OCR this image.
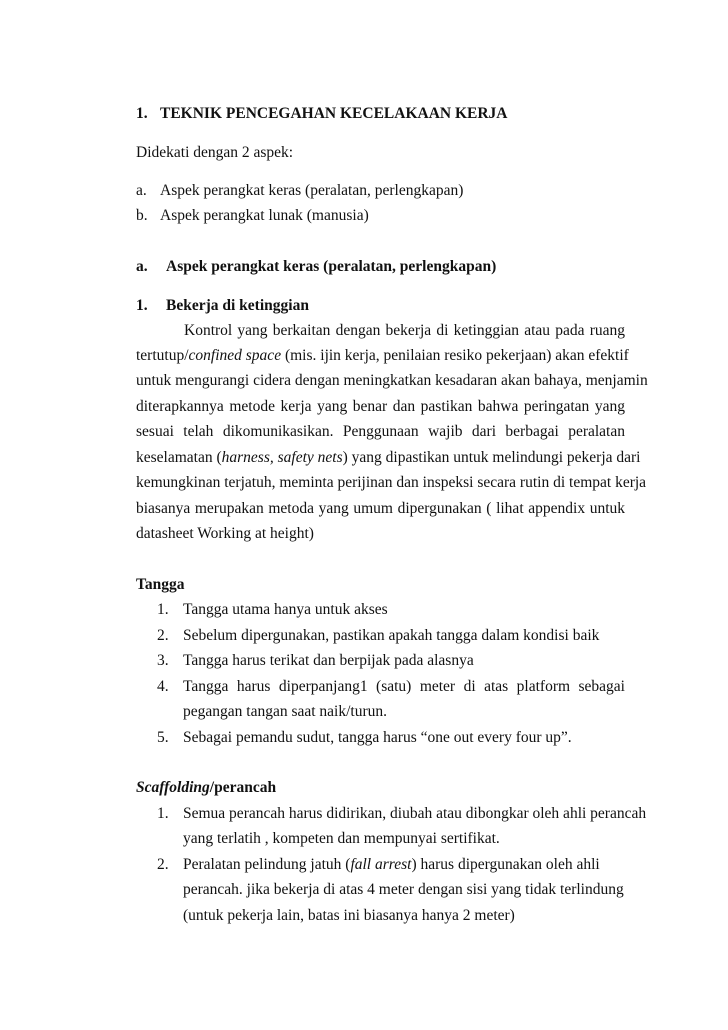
1. TEKNIK PENCEGAHAN KECELAKAAN KERJA
Didekati dengan 2 aspek:
a. Aspek perangkat keras (peralatan, perlengkapan)
b. Aspek perangkat lunak (manusia)
a. Aspek perangkat keras (peralatan, perlengkapan)
1. Bekerja di ketinggian
Kontrol yang berkaitan dengan bekerja di ketinggian atau pada ruang
tertutup/confined space (mis. ijin kerja, penilaian resiko pekerjaan) akan efektif
untuk mengurangi cidera dengan meningkatkan kesadaran akan bahaya, menjamin
diterapkannya metode kerja yang benar dan pastikan bahwa peringatan yang
sesuai telah dikomunikasikan. Penggunaan wajib dari berbagai peralatan
keselamatan (harness, safety nets) yang dipastikan untuk melindungi pekerja dari
kemungkinan terjatuh, meminta perijinan dan inspeksi secara rutin di tempat kerja
biasanya merupakan metoda yang umum dipergunakan ( lihat appendix untuk
datasheet Working at height)
Tangga
1. Tangga utama hanya untuk akses
2. Sebelum dipergunakan, pastikan apakah tangga dalam kondisi baik
3. Tangga harus terikat dan berpijak pada alasnya
4. Tangga harus diperpanjang1 (satu) meter di atas platform sebagai
pegangan tangan saat naik/turun.
5. Sebagai pemandu sudut, tangga harus “one out every four up”.
Scaffolding/perancah
1. Semua perancah harus didirikan, diubah atau dibongkar oleh ahli perancah
yang terlatih , kompeten dan mempunyai sertifikat.
2. Peralatan pelindung jatuh (fall arrest) harus dipergunakan oleh ahli
perancah. jika bekerja di atas 4 meter dengan sisi yang tidak terlindung
(untuk pekerja lain, batas ini biasanya hanya 2 meter)
